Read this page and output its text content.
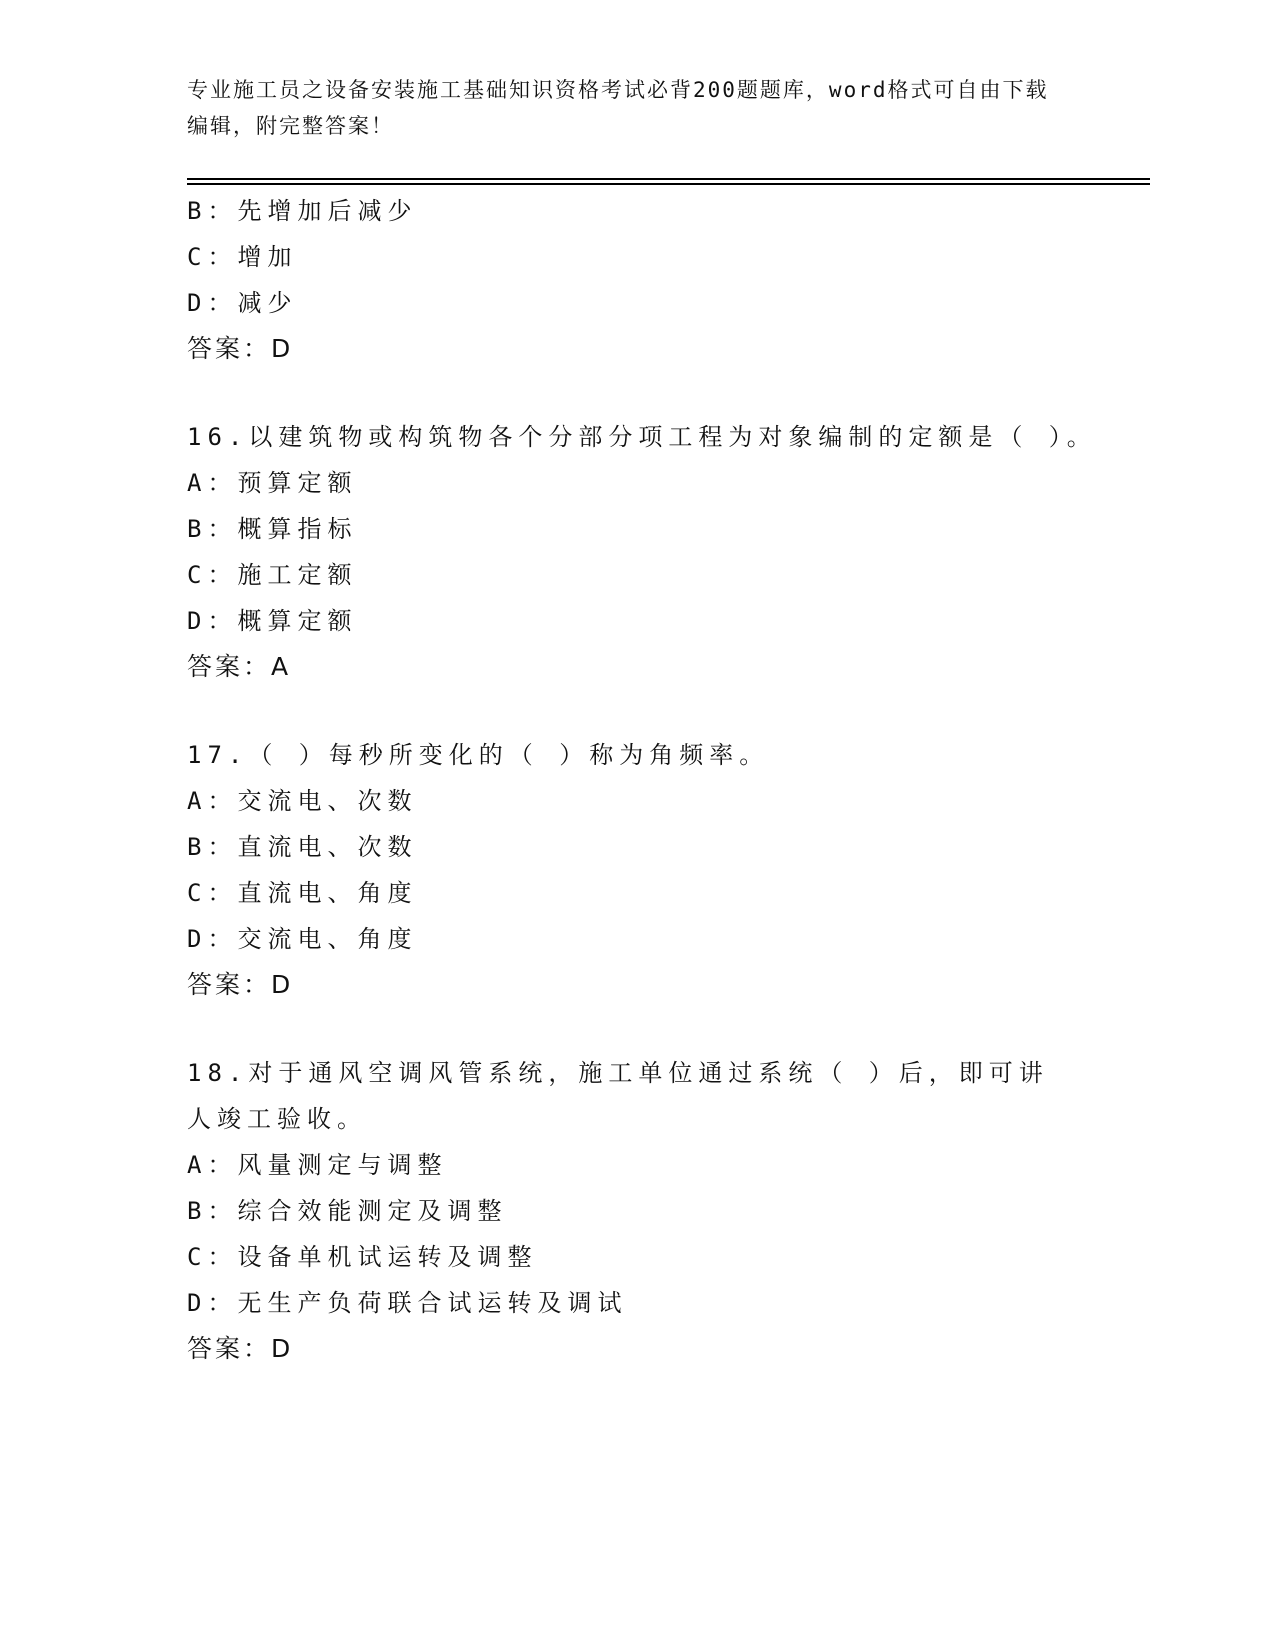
专业施工员之设备安装施工基础知识资格考试必背200题题库，word格式可自由下载编辑，附完整答案！
B：先增加后减少
C：增加
D：减少
答案：D
16.以建筑物或构筑物各个分部分项工程为对象编制的定额是（ ）。
A：预算定额
B：概算指标
C：施工定额
D：概算定额
答案：A
17.（ ）每秒所变化的（ ）称为角频率。
A：交流电、次数
B：直流电、次数
C：直流电、角度
D：交流电、角度
答案：D
18.对于通风空调风管系统，施工单位通过系统（ ）后，即可讲人竣工验收。
A：风量测定与调整
B：综合效能测定及调整
C：设备单机试运转及调整
D：无生产负荷联合试运转及调试
答案：D
